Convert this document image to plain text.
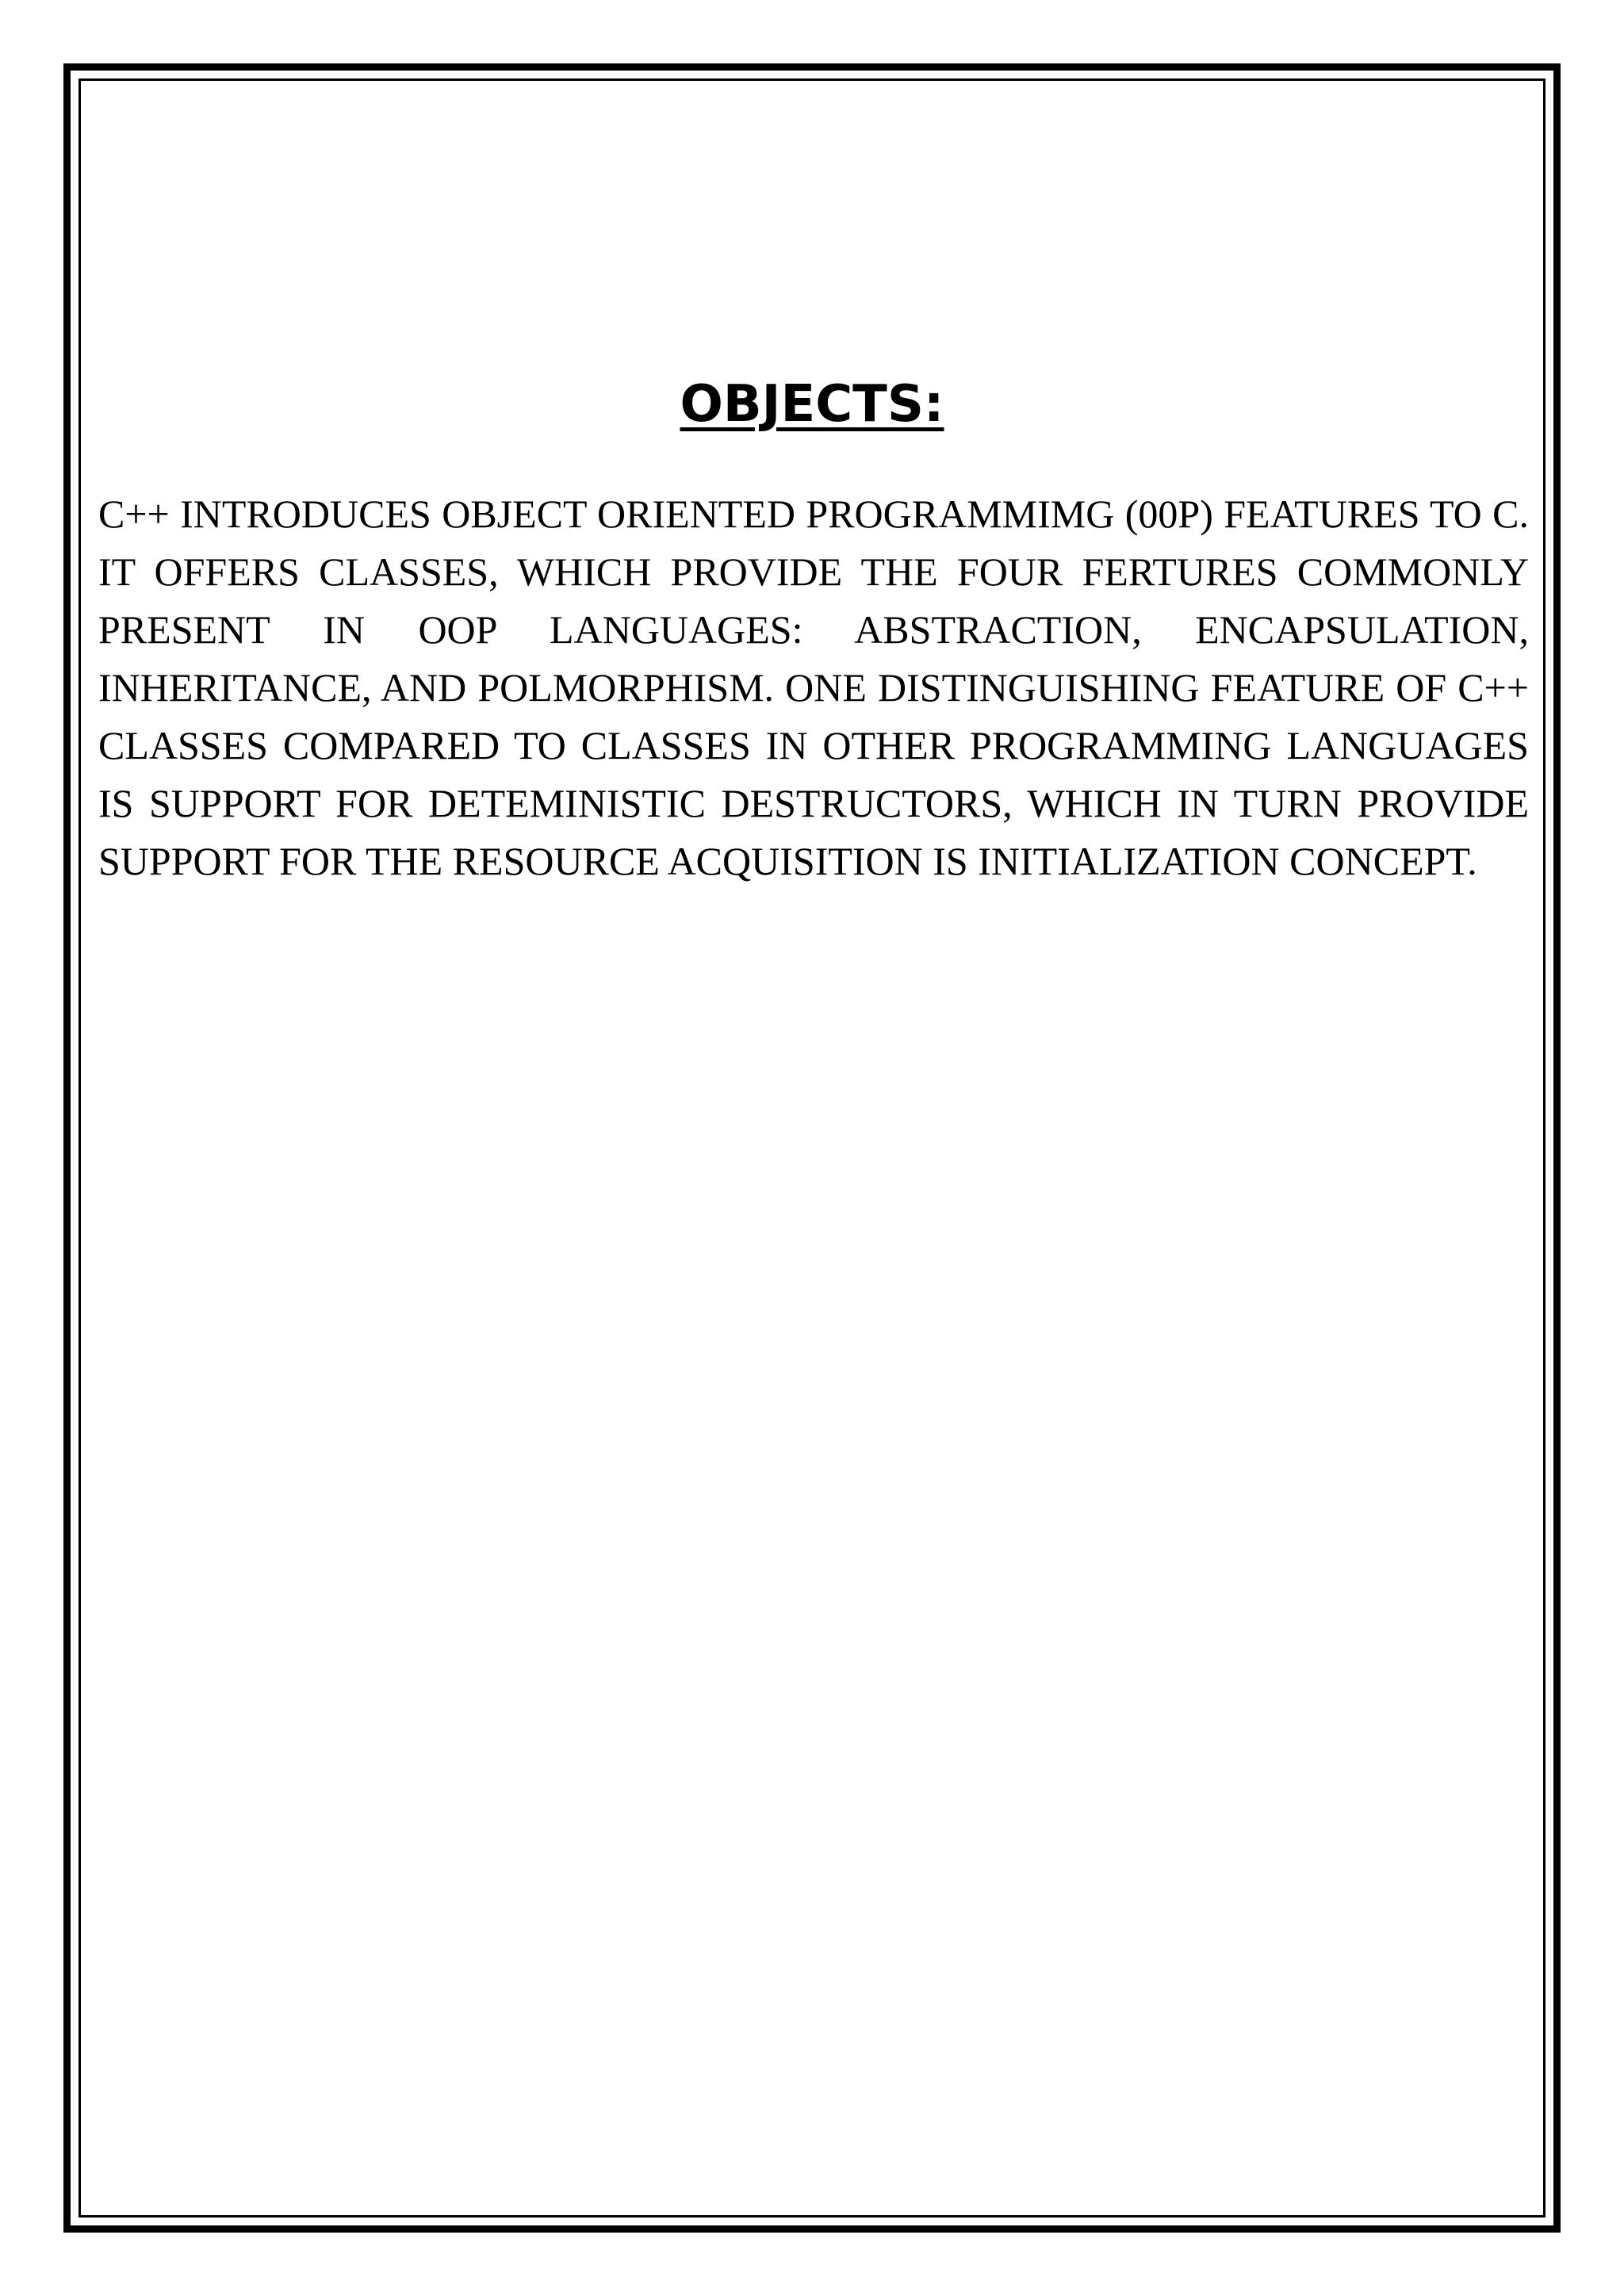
OBJECTS:

C++ INTRODUCES OBJECT ORIENTED PROGRAMMIMG (00P) FEATURES TO C. IT OFFERS CLASSES, WHICH PROVIDE THE FOUR FERTURES COMMONLY PRESENT IN OOP LANGUAGES: ABSTRACTION, ENCAPSULATION, INHERITANCE, AND POLMORPHISM. ONE DISTINGUISHING FEATURE OF C++ CLASSES COMPARED TO CLASSES IN OTHER PROGRAMMING LANGUAGES IS SUPPORT FOR DETEMINISTIC DESTRUCTORS, WHICH IN TURN PROVIDE SUPPORT FOR THE RESOURCE ACQUISITION IS INITIALIZATION CONCEPT.
